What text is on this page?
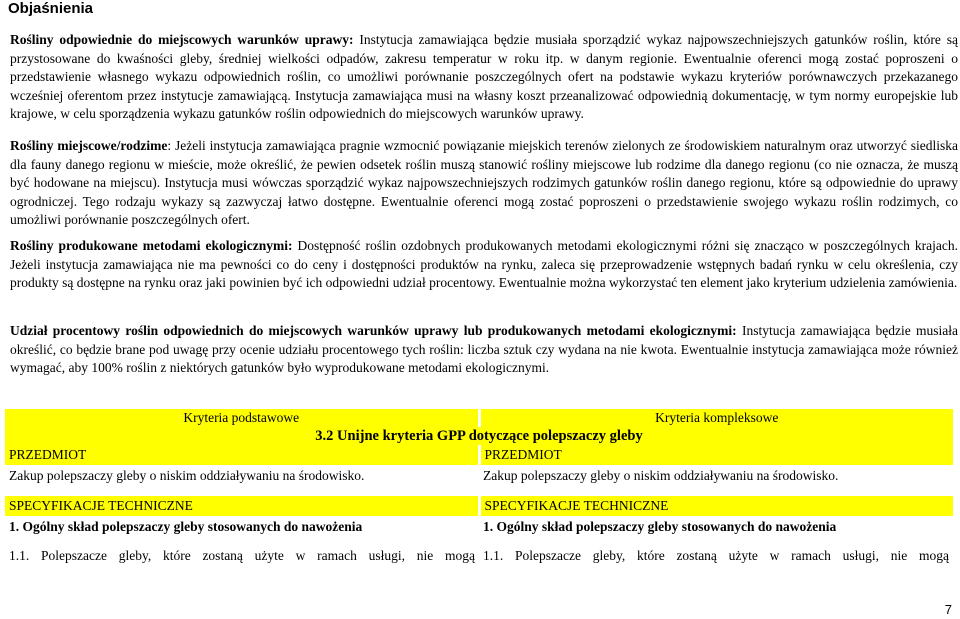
Objaśnienia

Rośliny odpowiednie do miejscowych warunków uprawy: Instytucja zamawiająca będzie musiała sporządzić wykaz najpowszechniejszych gatunków roślin, które są przystosowane do kwaśności gleby, średniej wielkości odpadów, zakresu temperatur w roku itp. w danym regionie. Ewentualnie oferenci mogą zostać poproszeni o przedstawienie własnego wykazu odpowiednich roślin, co umożliwi porównanie poszczególnych ofert na podstawie wykazu kryteriów porównawczych przekazanego wcześniej oferentom przez instytucje zamawiającą. Instytucja zamawiająca musi na własny koszt przeanalizować odpowiednią dokumentację, w tym normy europejskie lub krajowe, w celu sporządzenia wykazu gatunków roślin odpowiednich do miejscowych warunków uprawy.

Rośliny miejscowe/rodzime: Jeżeli instytucja zamawiająca pragnie wzmocnić powiązanie miejskich terenów zielonych ze środowiskiem naturalnym oraz utworzyć siedliska dla fauny danego regionu w mieście, może określić, że pewien odsetek roślin muszą stanowić rośliny miejscowe lub rodzime dla danego regionu (co nie oznacza, że muszą być hodowane na miejscu). Instytucja musi wówczas sporządzić wykaz najpowszechniejszych rodzimych gatunków roślin danego regionu, które są odpowiednie do uprawy ogrodniczej. Tego rodzaju wykazy są zazwyczaj łatwo dostępne. Ewentualnie oferenci mogą zostać poproszeni o przedstawienie swojego wykazu roślin rodzimych, co umożliwi porównanie poszczególnych ofert.

Rośliny produkowane metodami ekologicznymi: Dostępność roślin ozdobnych produkowanych metodami ekologicznymi różni się znacząco w poszczególnych krajach. Jeżeli instytucja zamawiająca nie ma pewności co do ceny i dostępności produktów na rynku, zaleca się przeprowadzenie wstępnych badań rynku w celu określenia, czy produkty są dostępne na rynku oraz jaki powinien być ich odpowiedni udział procentowy. Ewentualnie można wykorzystać ten element jako kryterium udzielenia zamówienia.

Udział procentowy roślin odpowiednich do miejscowych warunków uprawy lub produkowanych metodami ekologicznymi: Instytucja zamawiająca będzie musiała określić, co będzie brane pod uwagę przy ocenie udziału procentowego tych roślin: liczba sztuk czy wydana na nie kwota. Ewentualnie instytucja zamawiająca może również wymagać, aby 100% roślin z niektórych gatunków było wyprodukowane metodami ekologicznymi.

Kryteria podstawowe	Kryteria kompleksowe
3.2 Unijne kryteria GPP dotyczące polepszaczy gleby	
PRZEDMIOT	PRZEDMIOT
Zakup polepszaczy gleby o niskim oddziaływaniu na środowisko.	Zakup polepszaczy gleby o niskim oddziaływaniu na środowisko.

SPECYFIKACJE TECHNICZNE	SPECYFIKACJE TECHNICZNE
1. Ogólny skład polepszaczy gleby stosowanych do nawożenia	1. Ogólny skład polepszaczy gleby stosowanych do nawożenia

1.1. Polepszacze gleby, które zostaną użyte w ramach usługi, nie mogą	1.1. Polepszacze gleby, które zostaną użyte w ramach usługi, nie mogą
7
